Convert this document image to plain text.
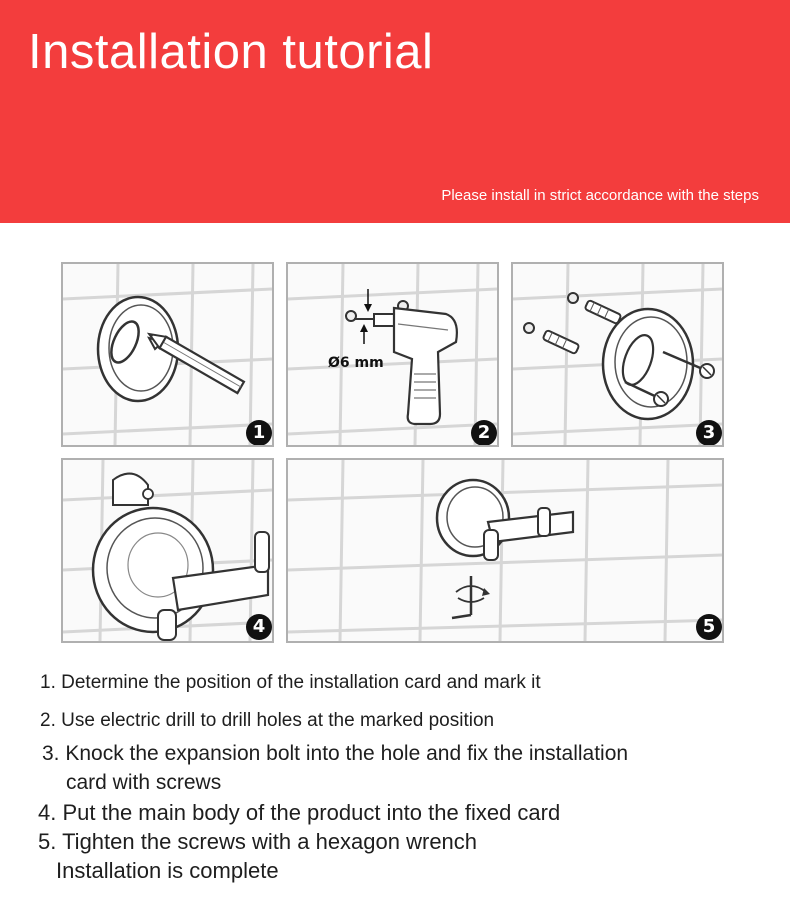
Installation tutorial
Please install in strict accordance with the steps
1
Ø6 mm
2	3
4	5
1. Determine the position of the installation card and mark it
2. Use electric drill to drill holes at the marked position
3. Knock the expansion bolt into the hole and fix the installation
card with screws
4. Put the main body of the product into the fixed card
5. Tighten the screws with a hexagon wrench
Installation is complete
